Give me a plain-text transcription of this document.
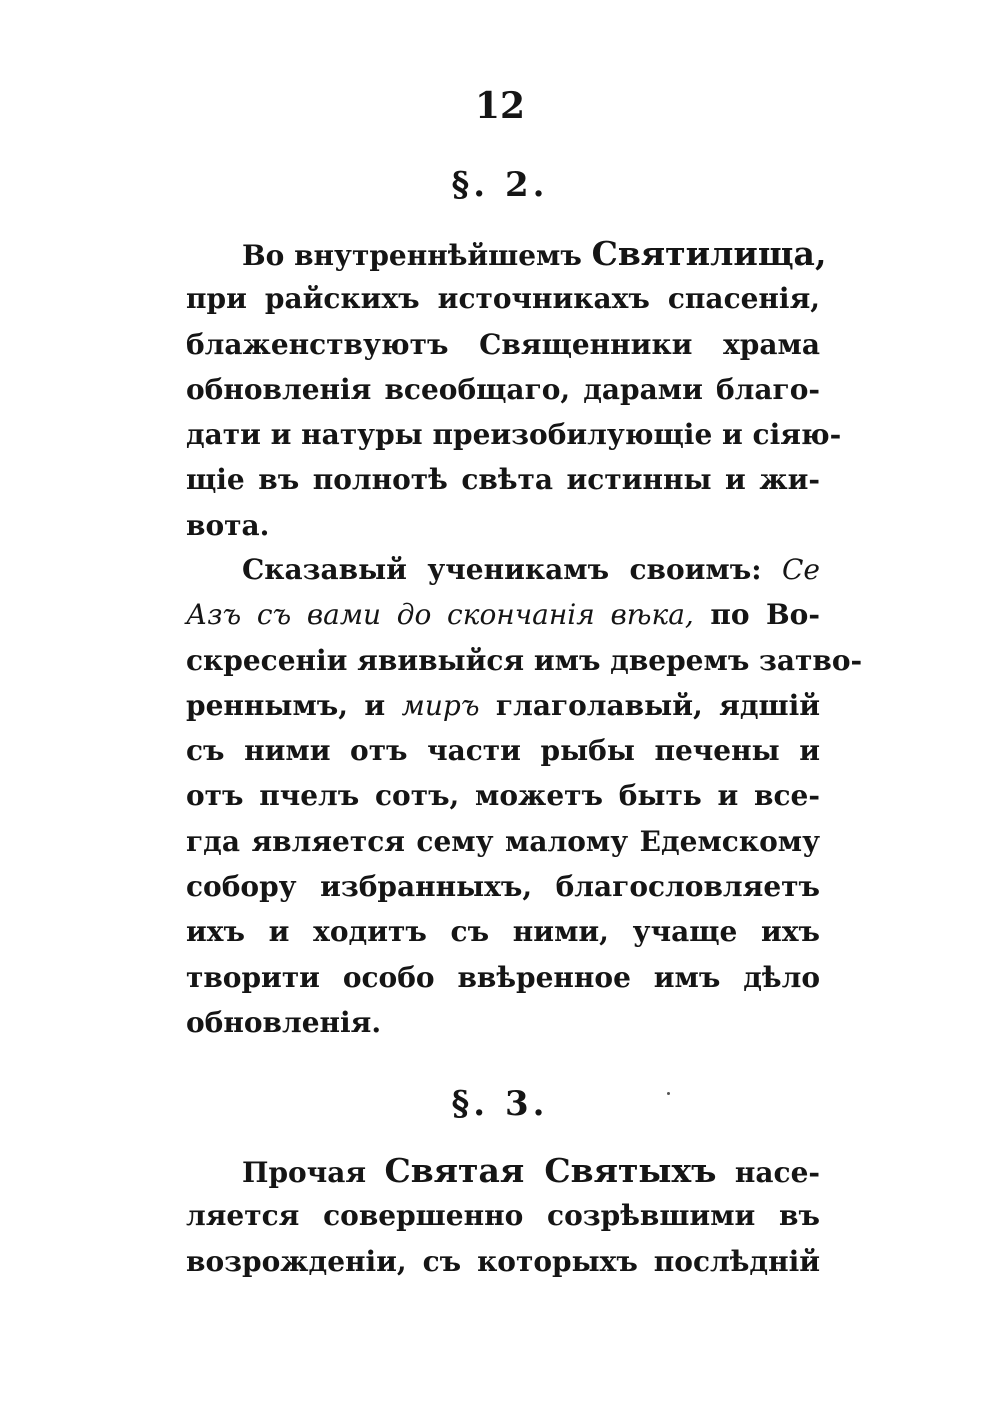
12
§. 2.
Во внутреннѣйшемъ Святилища,
при райскихъ источникахъ спасенія,
блаженствуютъ Священники храма
обновленія всеобщаго, дарами благо-
дати и натуры преизобилующіе и сіяю-
щіе въ полнотѣ свѣта истинны и жи-
вота.
Сказавый ученикамъ своимъ: Се
Азъ съ вами до скончанія вѣка, по Во-
скресеніи явивыйся имъ дверемъ затво-
реннымъ, и миръ глаголавый, ядшій
съ ними отъ части рыбы печены и
отъ пчелъ сотъ, можетъ быть и все-
гда является сему малому Едемскому
собору избранныхъ, благословляетъ
ихъ и ходитъ съ ними, учаще ихъ
творити особо ввѣренное имъ дѣло
обновленія.
§. 3.
Прочая Святая Святыхъ насе-
ляется совершенно созрѣвшими въ
возрожденіи, съ которыхъ послѣдній
